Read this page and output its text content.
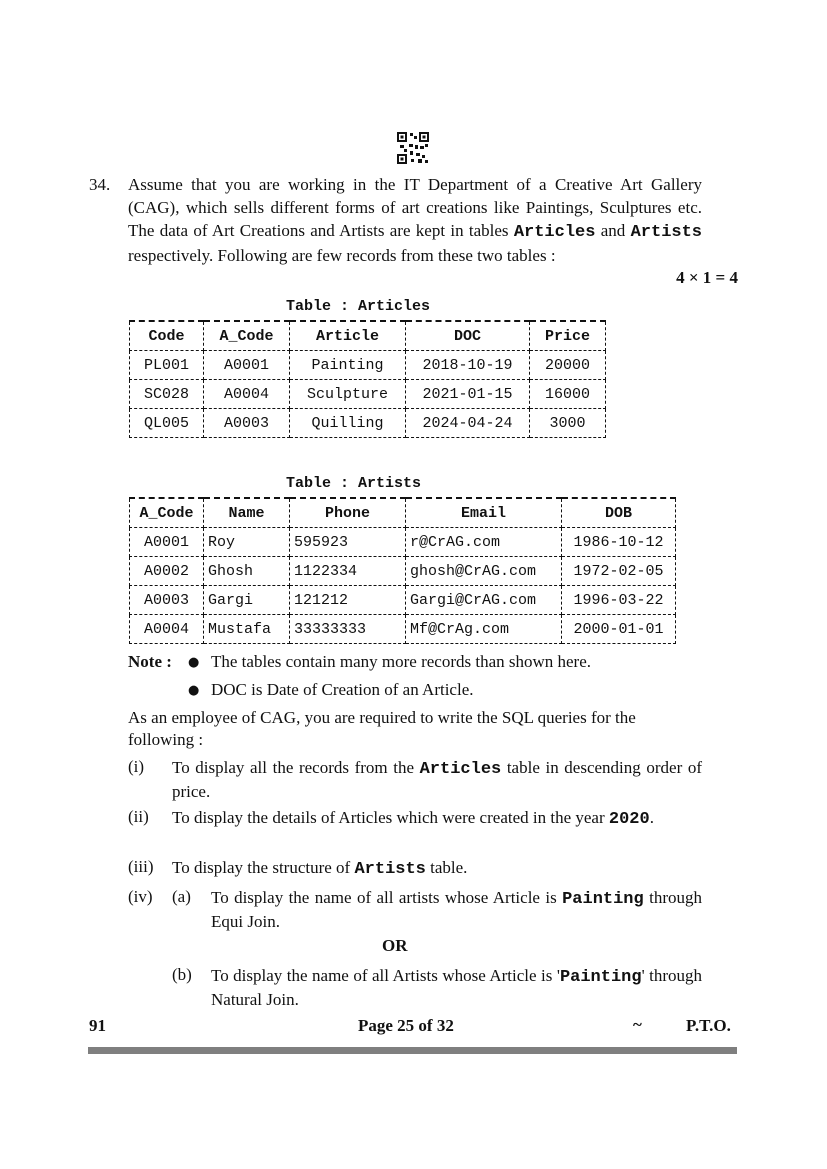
34. Assume that you are working in the IT Department of a Creative Art Gallery (CAG), which sells different forms of art creations like Paintings, Sculptures etc. The data of Art Creations and Artists are kept in tables Articles and Artists respectively. Following are few records from these two tables :
4 × 1 = 4
Table : Articles
Code	A_Code	Article	DOC	Price
PL001	A0001	Painting	2018-10-19	20000
SC028	A0004	Sculpture	2021-01-15	16000
QL005	A0003	Quilling	2024-04-24	3000
Table : Artists
A_Code	Name	Phone	Email	DOB
A0001	Roy	595923	r@CrAG.com	1986-10-12
A0002	Ghosh	1122334	ghosh@CrAG.com	1972-02-05
A0003	Gargi	121212	Gargi@CrAG.com	1996-03-22
A0004	Mustafa	33333333	Mf@CrAg.com	2000-01-01
Note : ● The tables contain many more records than shown here.
● DOC is Date of Creation of an Article.
As an employee of CAG, you are required to write the SQL queries for the following :
(i) To display all the records from the Articles table in descending order of price.
(ii) To display the details of Articles which were created in the year 2020.
(iii) To display the structure of Artists table.
(iv) (a) To display the name of all artists whose Article is Painting through Equi Join.
OR
(b) To display the name of all Artists whose Article is 'Painting' through Natural Join.
91	Page 25 of 32	~	P.T.O.
